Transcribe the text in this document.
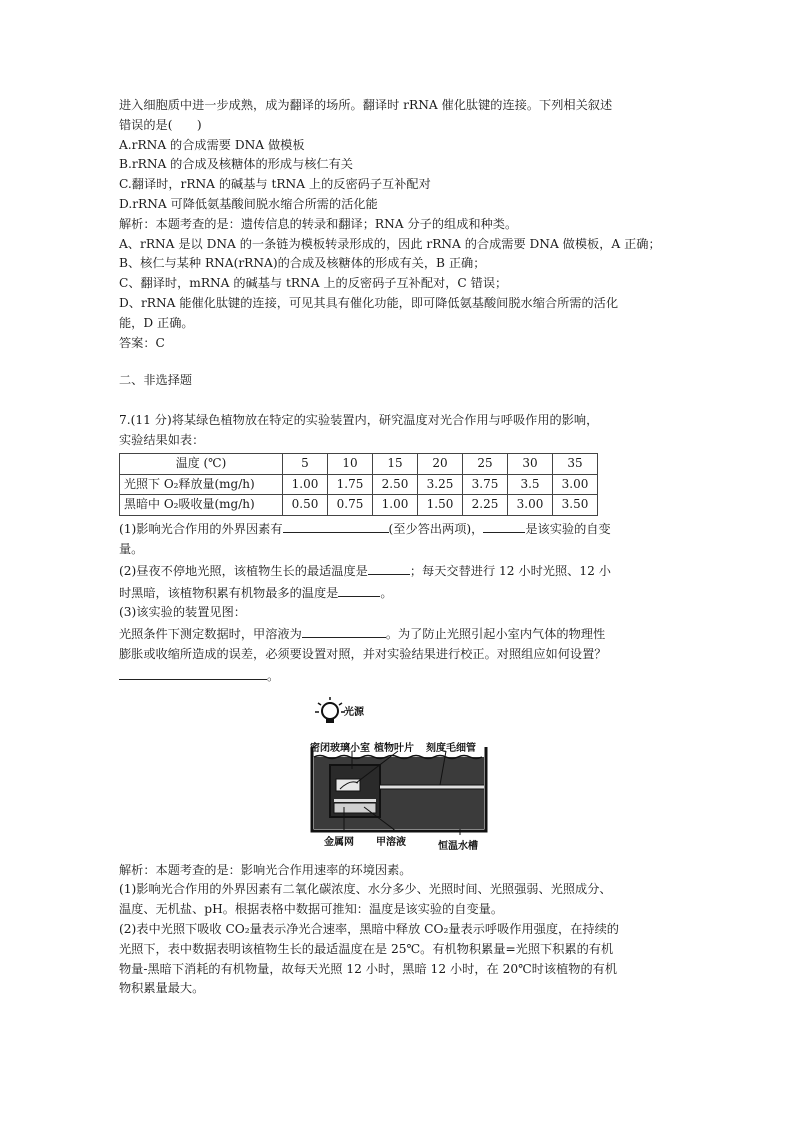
进入细胞质中进一步成熟，成为翻译的场所。翻译时 rRNA 催化肽键的连接。下列相关叙述

错误的是(　　)

A.rRNA 的合成需要 DNA 做模板

B.rRNA 的合成及核糖体的形成与核仁有关

C.翻译时，rRNA 的碱基与 tRNA 上的反密码子互补配对

D.rRNA 可降低氨基酸间脱水缩合所需的活化能

解析：本题考查的是：遗传信息的转录和翻译；RNA 分子的组成和种类。

A、rRNA 是以 DNA 的一条链为模板转录形成的，因此 rRNA 的合成需要 DNA 做模板，A 正确；

B、核仁与某种 RNA(rRNA)的合成及核糖体的形成有关，B 正确；

C、翻译时，mRNA 的碱基与 tRNA 上的反密码子互补配对，C 错误；

D、rRNA 能催化肽键的连接，可见其具有催化功能，即可降低氨基酸间脱水缩合所需的活化

能，D 正确。

答案：C

二、非选择题

7.(11 分)将某绿色植物放在特定的实验装置内，研究温度对光合作用与呼吸作用的影响，

实验结果如表：

温度 (℃)	5	10	15	20	25	30	35
光照下 O₂释放量(mg/h)	1.00	1.75	2.50	3.25	3.75	3.5	3.00
黑暗中 O₂吸收量(mg/h)	0.50	0.75	1.00	1.50	2.25	3.00	3.50

(1)影响光合作用的外界因素有	(至少答出两项)，	是该实验的自变

量。

(2)昼夜不停地光照，该植物生长的最适温度是	；每天交替进行 12 小时光照、12 小

时黑暗，该植物积累有机物最多的温度是	。

(3)该实验的装置见图：

光照条件下测定数据时，甲溶液为	。为了防止光照引起小室内气体的物理性

膨胀或收缩所造成的误差，必须要设置对照，并对实验结果进行校正。对照组应如何设置？

。

光源
密闭玻璃小室 植物叶片 刻度毛细管
金属网 甲溶液	恒温水槽

解析：本题考查的是：影响光合作用速率的环境因素。

(1)影响光合作用的外界因素有二氧化碳浓度、水分多少、光照时间、光照强弱、光照成分、

温度、无机盐、pH。根据表格中数据可推知：温度是该实验的自变量。

(2)表中光照下吸收 CO₂量表示净光合速率，黑暗中释放 CO₂量表示呼吸作用强度，在持续的

光照下，表中数据表明该植物生长的最适温度在是 25℃。有机物积累量=光照下积累的有机

物量-黑暗下消耗的有机物量，故每天光照 12 小时，黑暗 12 小时，在 20℃时该植物的有机

物积累量最大。
